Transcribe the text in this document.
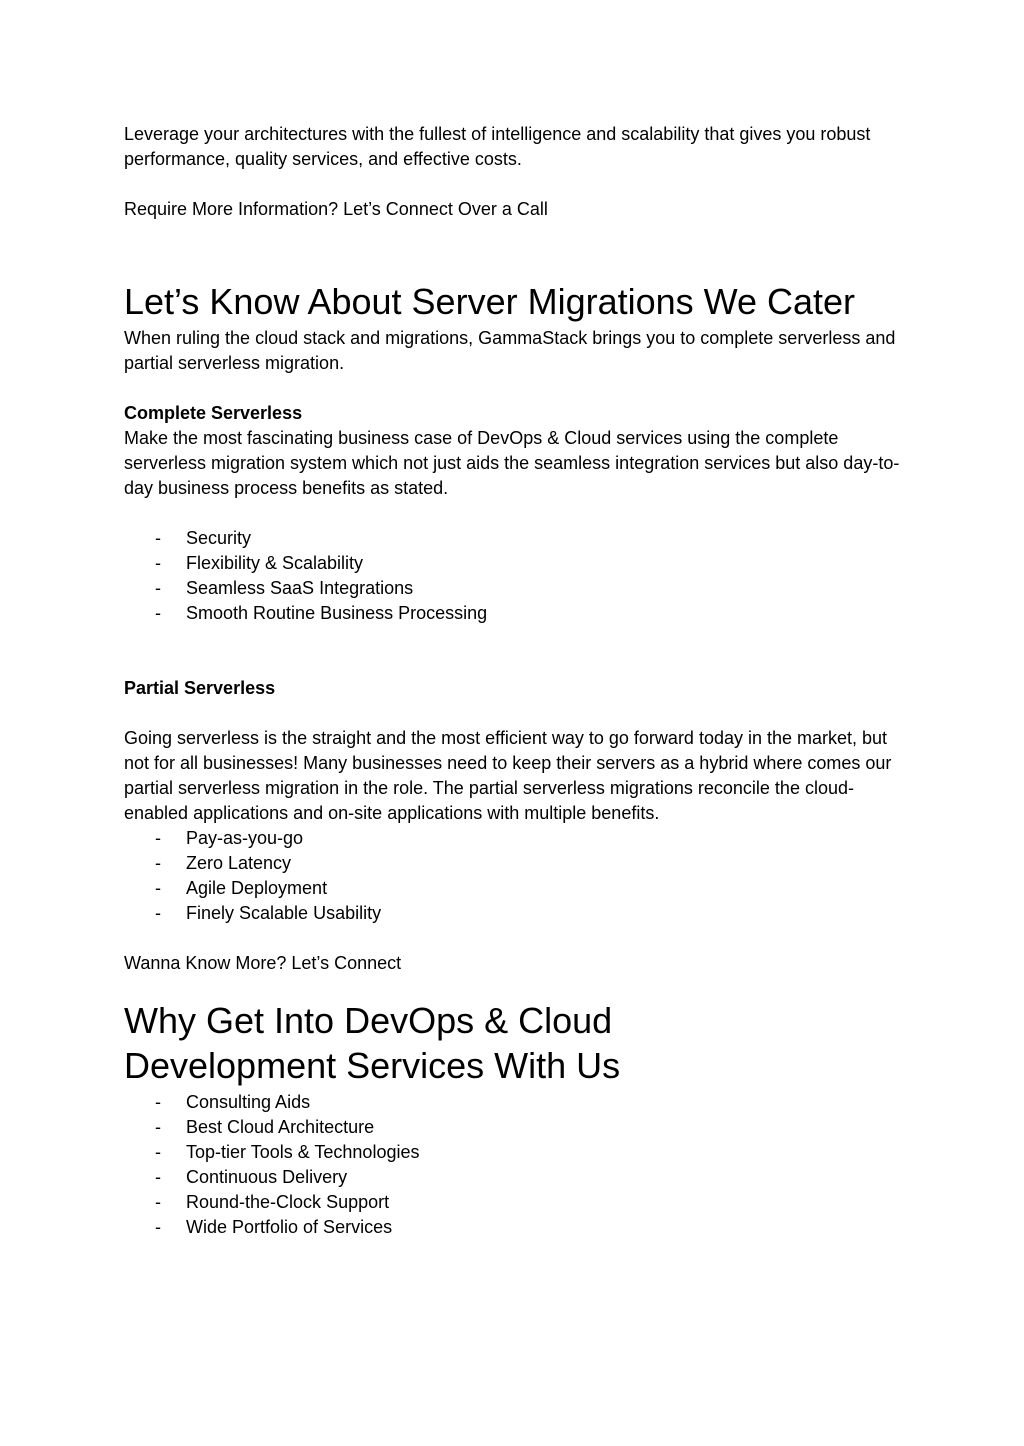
Leverage your architectures with the fullest of intelligence and scalability that gives you robust performance, quality services, and effective costs.

Require More Information? Let’s Connect Over a Call

Let’s Know About Server Migrations We Cater

When ruling the cloud stack and migrations, GammaStack brings you to complete serverless and partial serverless migration.

Complete Serverless

Make the most fascinating business case of DevOps & Cloud services using the complete serverless migration system which not just aids the seamless integration services but also day-to-day business process benefits as stated.

- Security
- Flexibility & Scalability
- Seamless SaaS Integrations
- Smooth Routine Business Processing

Partial Serverless

Going serverless is the straight and the most efficient way to go forward today in the market, but not for all businesses! Many businesses need to keep their servers as a hybrid where comes our partial serverless migration in the role. The partial serverless migrations reconcile the cloud-enabled applications and on-site applications with multiple benefits.

- Pay-as-you-go
- Zero Latency
- Agile Deployment
- Finely Scalable Usability

Wanna Know More? Let’s Connect

Why Get Into DevOps & Cloud Development Services With Us
- Consulting Aids
- Best Cloud Architecture
- Top-tier Tools & Technologies
- Continuous Delivery
- Round-the-Clock Support
- Wide Portfolio of Services
